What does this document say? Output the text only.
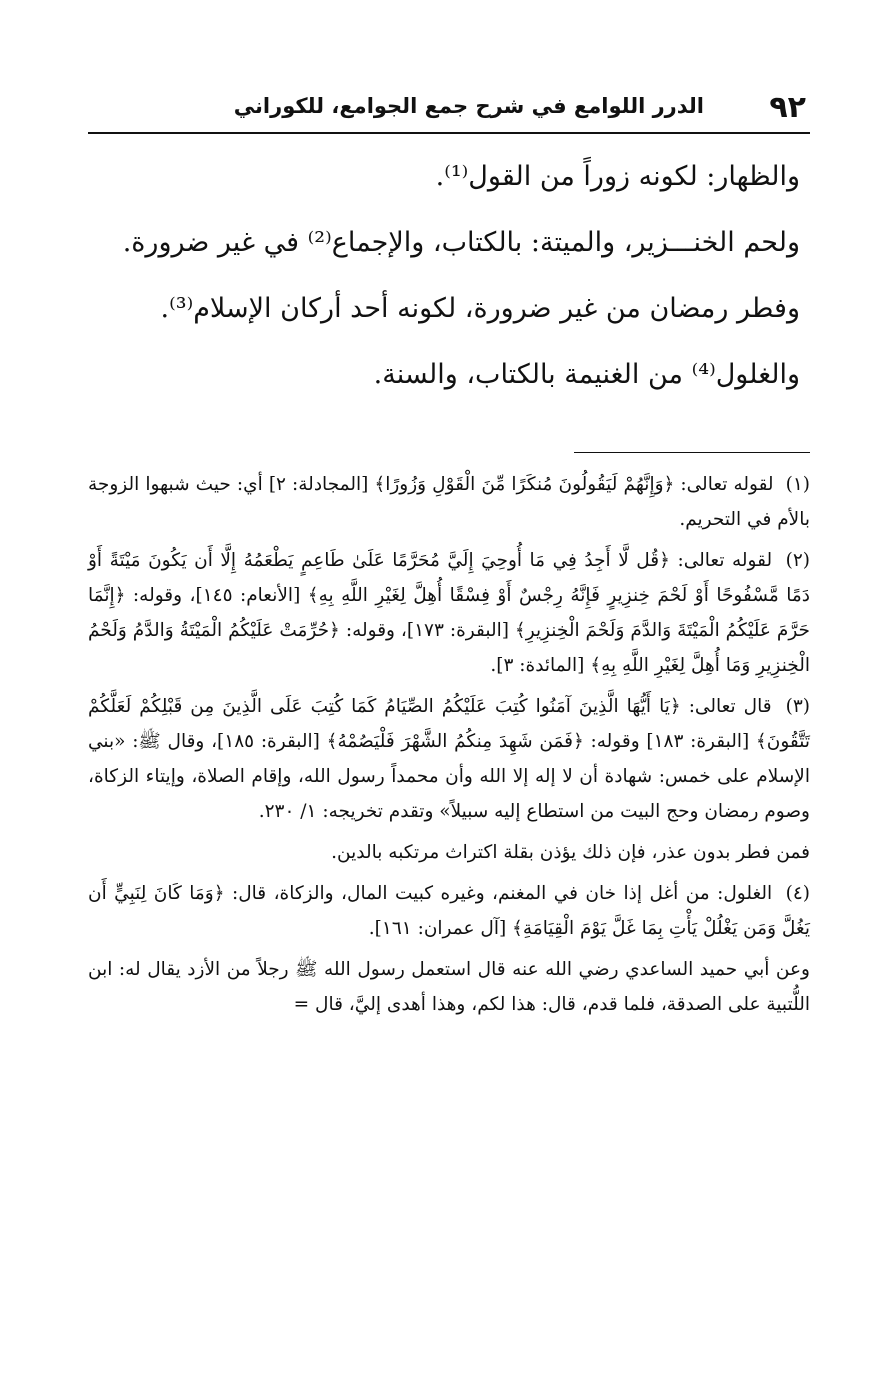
٩٢
الدرر اللوامع في شرح جمع الجوامع، للكوراني

والظهار: لكونه زوراً من القول⁽¹⁾.

ولحم الخنـــزير، والميتة: بالكتاب، والإجماع⁽²⁾ في غير ضرورة.

وفطر رمضان من غير ضرورة، لكونه أحد أركان الإسلام⁽³⁾.

والغلول⁽⁴⁾ من الغنيمة بالكتاب، والسنة.

(١) لقوله تعالى: ﴿وَإِنَّهُمْ لَيَقُولُونَ مُنكَرًا مِّنَ الْقَوْلِ وَزُورًا﴾ [المجادلة: ٢] أي: حيث شبهوا الزوجة بالأم في التحريم.
(٢) لقوله تعالى: ﴿قُل لَّا أَجِدُ فِي مَا أُوحِيَ إِلَيَّ مُحَرَّمًا عَلَىٰ طَاعِمٍ يَطْعَمُهُ إِلَّا أَن يَكُونَ مَيْتَةً أَوْ دَمًا مَّسْفُوحًا أَوْ لَحْمَ خِنزِيرٍ فَإِنَّهُ رِجْسٌ أَوْ فِسْقًا أُهِلَّ لِغَيْرِ اللَّهِ بِهِ﴾ [الأنعام: ١٤٥]، وقوله: ﴿إِنَّمَا حَرَّمَ عَلَيْكُمُ الْمَيْتَةَ وَالدَّمَ وَلَحْمَ الْخِنزِيرِ﴾ [البقرة: ١٧٣]، وقوله: ﴿حُرِّمَتْ عَلَيْكُمُ الْمَيْتَةُ وَالدَّمُ وَلَحْمُ الْخِنزِيرِ وَمَا أُهِلَّ لِغَيْرِ اللَّهِ بِهِ﴾ [المائدة: ٣].
(٣) قال تعالى: ﴿يَا أَيُّهَا الَّذِينَ آمَنُوا كُتِبَ عَلَيْكُمُ الصِّيَامُ كَمَا كُتِبَ عَلَى الَّذِينَ مِن قَبْلِكُمْ لَعَلَّكُمْ تَتَّقُونَ﴾ [البقرة: ١٨٣] وقوله: ﴿فَمَن شَهِدَ مِنكُمُ الشَّهْرَ فَلْيَصُمْهُ﴾ [البقرة: ١٨٥]، وقال ﷺ: «بني الإسلام على خمس: شهادة أن لا إله إلا الله وأن محمداً رسول الله، وإقام الصلاة، وإيتاء الزكاة، وصوم رمضان وحج البيت من استطاع إليه سبيلاً» وتقدم تخريجه: ١/ ٢٣٠.
فمن فطر بدون عذر، فإن ذلك يؤذن بقلة اكتراث مرتكبه بالدين.
(٤) الغلول: من أغل إذا خان في المغنم، وغيره كبيت المال، والزكاة، قال: ﴿وَمَا كَانَ لِنَبِيٍّ أَن يَغُلَّ وَمَن يَغْلُلْ يَأْتِ بِمَا غَلَّ يَوْمَ الْقِيَامَةِ﴾ [آل عمران: ١٦١].
وعن أبي حميد الساعدي رضي الله عنه قال استعمل رسول الله ﷺ رجلاً من الأزد يقال له: ابن اللُّتبية على الصدقة، فلما قدم، قال: هذا لكم، وهذا أهدى إليَّ، قال =
